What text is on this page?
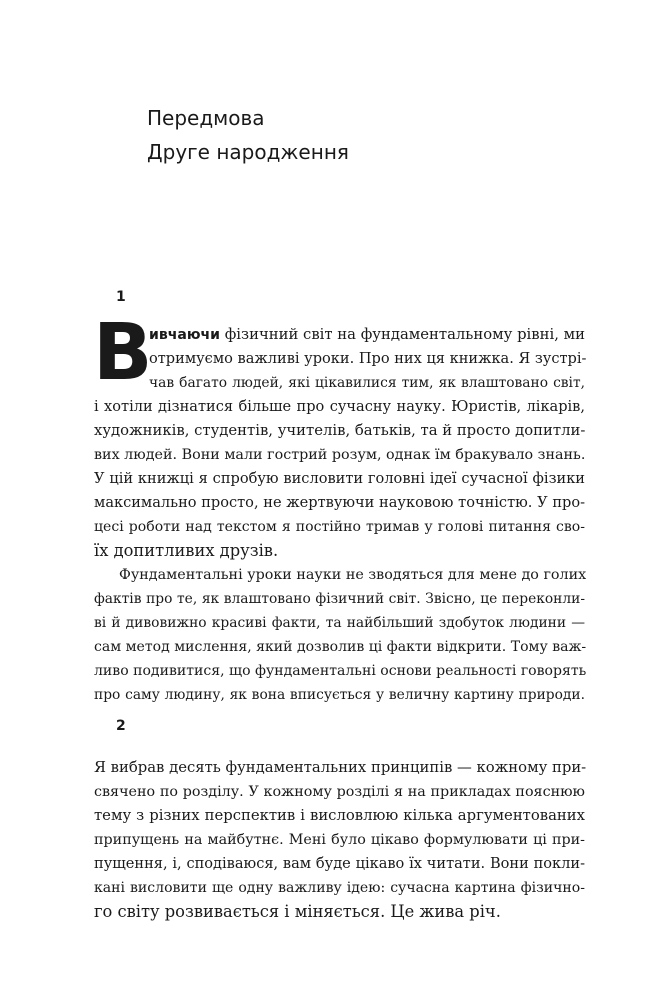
Передмова
Друге народження
1
В
ивчаючи фізичний світ на фундаментальному рівні, ми
отримуємо важливі уроки. Про них ця книжка. Я зустрі-
чав багато людей, які цікавилися тим, як влаштовано світ,
і хотіли дізнатися більше про сучасну науку. Юристів, лікарів,
художників, студентів, учителів, батьків, та й просто допитли-
вих людей. Вони мали гострий розум, однак їм бракувало знань.
У цій книжці я спробую висловити головні ідеї сучасної фізики
максимально просто, не жертвуючи науковою точністю. У про-
цесі роботи над текстом я постійно тримав у голові питання сво-
їх допитливих друзів.
Фундаментальні уроки науки не зводяться для мене до голих
фактів про те, як влаштовано фізичний світ. Звісно, це переконли-
ві й дивовижно красиві факти, та найбільший здобуток людини —
сам метод мислення, який дозволив ці факти відкрити. Тому важ-
ливо подивитися, що фундаментальні основи реальності говорять
про саму людину, як вона вписується у величну картину природи.
2
Я вибрав десять фундаментальних принципів — кожному при-
свячено по розділу. У кожному розділі я на прикладах пояснюю
тему з різних перспектив і висловлюю кілька аргументованих
припущень на майбутнє. Мені було цікаво формулювати ці при-
пущення, і, сподіваюся, вам буде цікаво їх читати. Вони покли-
кані висловити ще одну важливу ідею: сучасна картина фізично-
го світу розвивається і міняється. Це жива річ.
